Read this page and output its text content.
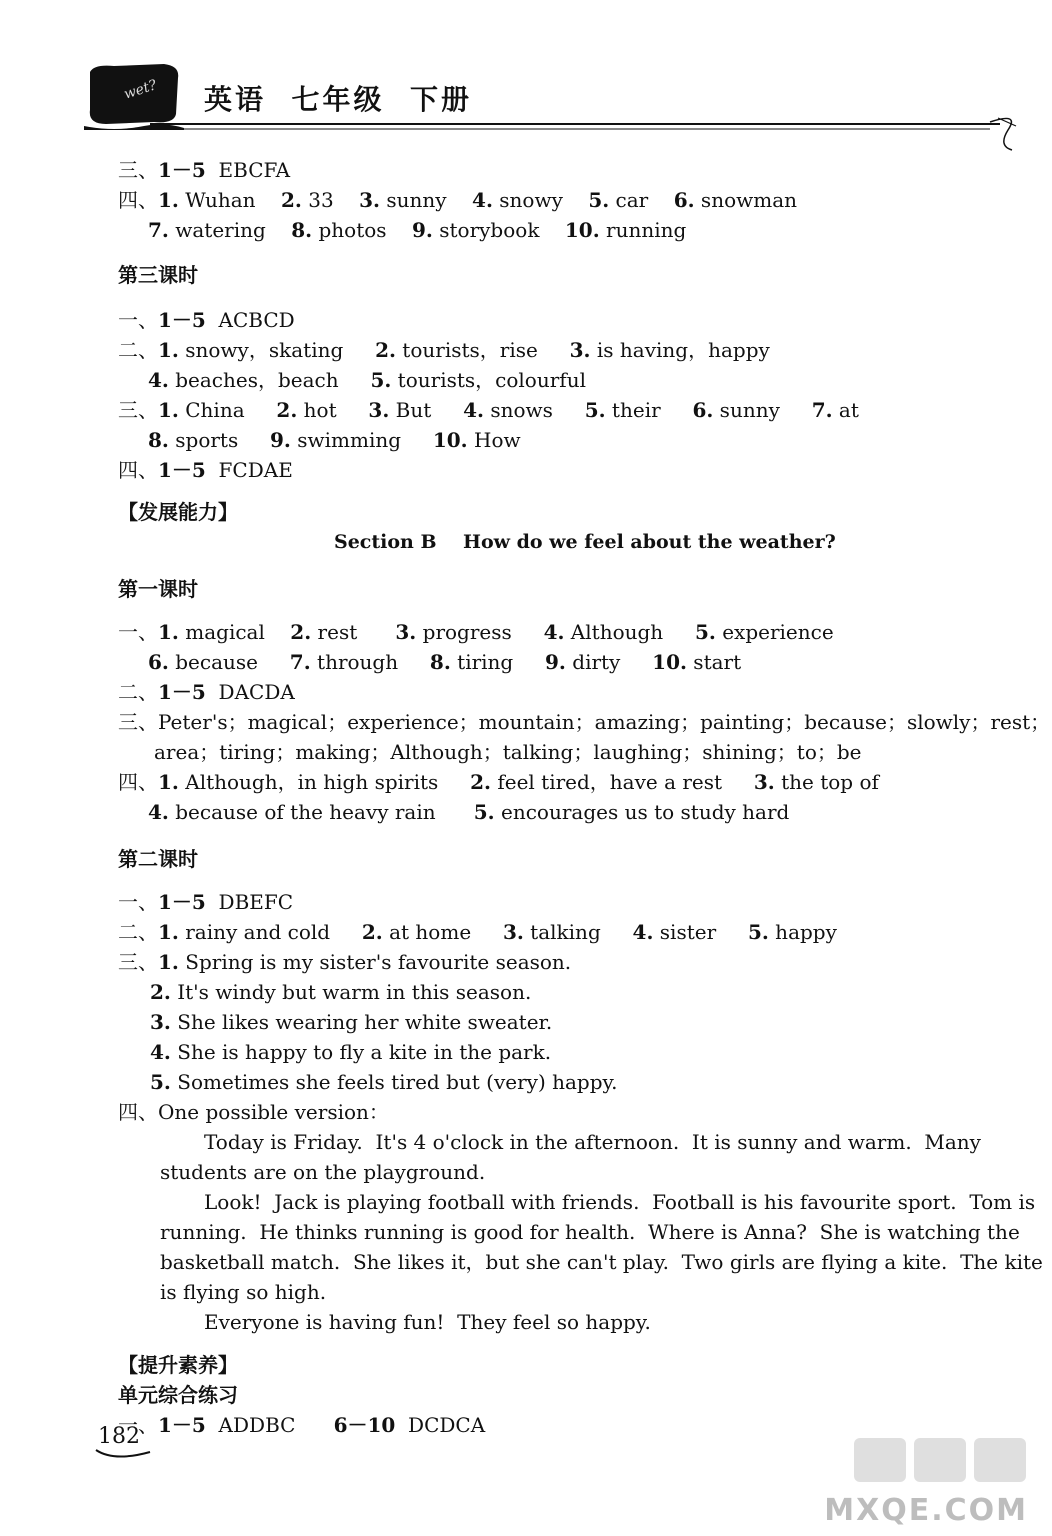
wet? 英语  七年级  下册
三、1－5  EBCFA
四、1. Wuhan    2. 33    3. sunny    4. snowy    5. car    6. snowman
7. watering    8. photos    9. storybook    10. running
第三课时
一、1－5  ACBCD
二、1. snowy，skating     2. tourists，rise     3. is having，happy
4. beaches，beach     5. tourists，colourful
三、1. China     2. hot     3. But     4. snows     5. their     6. sunny     7. at
8. sports     9. swimming     10. How
四、1－5  FCDAE
【发展能力】
Section B    How do we feel about the weather?
第一课时
一、1. magical    2. rest      3. progress     4. Although     5. experience
6. because     7. through     8. tiring     9. dirty     10. start
二、1－5  DACDA
三、Peter's；magical；experience；mountain；amazing；painting；because；slowly；rest；
area；tiring；making；Although；talking；laughing；shining；to；be
四、1. Although，in high spirits     2. feel tired，have a rest     3. the top of
4. because of the heavy rain      5. encourages us to study hard
第二课时
一、1－5  DBEFC
二、1. rainy and cold     2. at home     3. talking     4. sister     5. happy
三、1. Spring is my sister's favourite season.
2. It's windy but warm in this season.
3. She likes wearing her white sweater.
4. She is happy to fly a kite in the park.
5. Sometimes she feels tired but (very) happy.
四、One possible version：
Today is Friday.  It's 4 o'clock in the afternoon.  It is sunny and warm.  Many
students are on the playground.
Look!  Jack is playing football with friends.  Football is his favourite sport.  Tom is
running.  He thinks running is good for health.  Where is Anna?  She is watching the
basketball match.  She likes it，but she can't play.  Two girls are flying a kite.  The kite
is flying so high.
Everyone is having fun!  They feel so happy.
【提升素养】
单元综合练习
一、1－5  ADDBC      6－10  DCDCA
182
MXQE.COM
